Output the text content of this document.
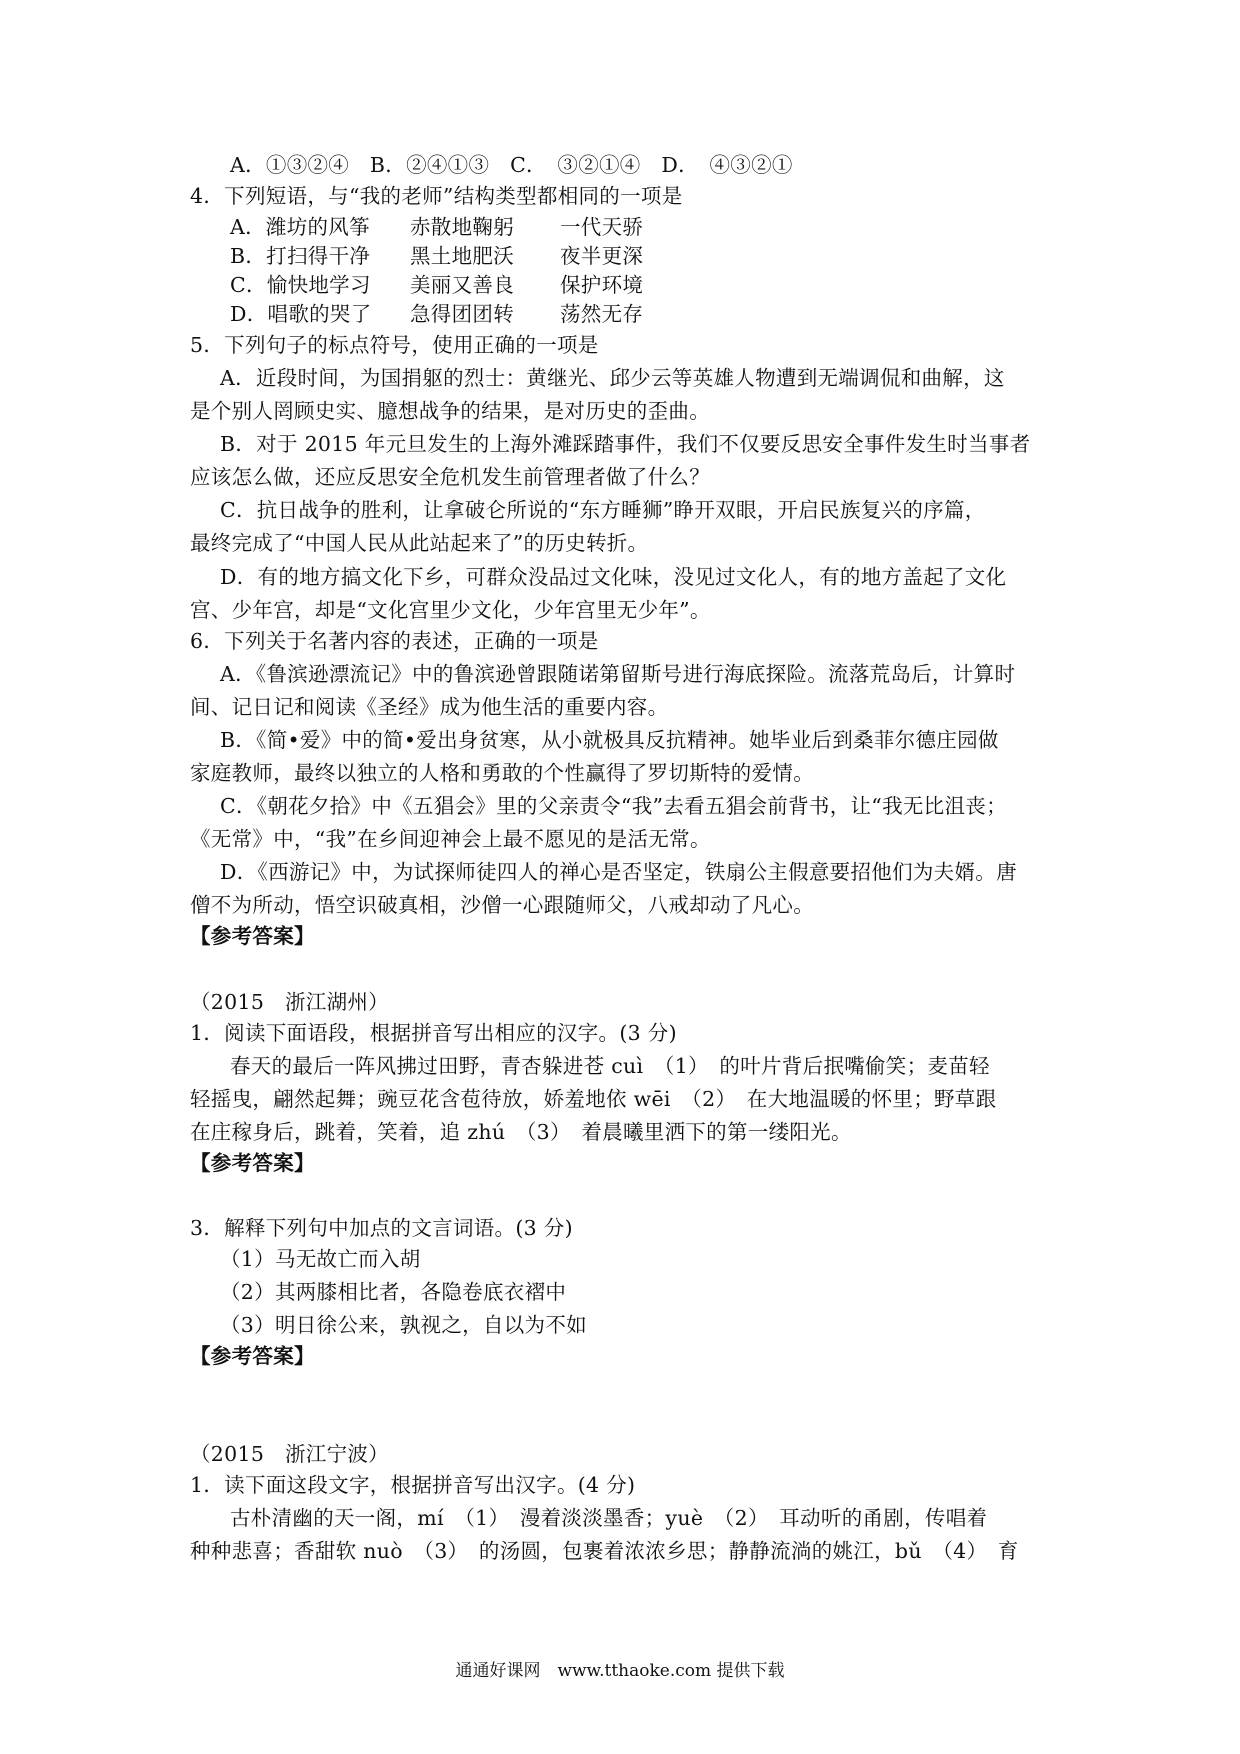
A．①③②④　B．②④①③　C．　③②①④　D．　④③②①
4．下列短语，与“我的老师”结构类型都相同的一项是
A．潍坊的风筝 赤散地鞠躬 一代天骄
B．打扫得干净 黑土地肥沃 夜半更深
C．愉快地学习 美丽又善良 保护环境
D．唱歌的哭了 急得团团转 荡然无存
5．下列句子的标点符号，使用正确的一项是
A．近段时间，为国捐躯的烈士：黄继光、邱少云等英雄人物遭到无端调侃和曲解，这
是个别人罔顾史实、臆想战争的结果，是对历史的歪曲。
B．对于 2015 年元旦发生的上海外滩踩踏事件，我们不仅要反思安全事件发生时当事者
应该怎么做，还应反思安全危机发生前管理者做了什么？
C．抗日战争的胜利，让拿破仑所说的“东方睡狮”睁开双眼，开启民族复兴的序篇，
最终完成了“中国人民从此站起来了”的历史转折。
D．有的地方搞文化下乡，可群众没品过文化味，没见过文化人，有的地方盖起了文化
宫、少年宫，却是“文化宫里少文化，少年宫里无少年”。
6．下列关于名著内容的表述，正确的一项是
A．《鲁滨逊漂流记》中的鲁滨逊曾跟随诺第留斯号进行海底探险。流落荒岛后，计算时
间、记日记和阅读《圣经》成为他生活的重要内容。
B．《简•爱》中的简•爱出身贫寒，从小就极具反抗精神。她毕业后到桑菲尔德庄园做
家庭教师，最终以独立的人格和勇敢的个性赢得了罗切斯特的爱情。
C．《朝花夕拾》中《五猖会》里的父亲责令“我”去看五猖会前背书，让“我无比沮丧；
《无常》中，“我”在乡间迎神会上最不愿见的是活无常。
D．《西游记》中，为试探师徒四人的禅心是否坚定，铁扇公主假意要招他们为夫婿。唐
僧不为所动，悟空识破真相，沙僧一心跟随师父，八戒却动了凡心。
【参考答案】
（2015　浙江湖州）
1．阅读下面语段，根据拼音写出相应的汉字。(3 分)
春天的最后一阵风拂过田野，青杏躲进苍 cuì　（1）　的叶片背后抿嘴偷笑；麦苗轻
轻摇曳，翩然起舞；豌豆花含苞待放，娇羞地依 wēi　（2）　在大地温暖的怀里；野草跟
在庄稼身后，跳着，笑着，追 zhú　（3）　着晨曦里洒下的第一缕阳光。
【参考答案】
3．解释下列句中加点的文言词语。(3 分)
（1）马无故亡而入胡
（2）其两膝相比者，各隐卷底衣褶中
（3）明日徐公来，孰视之，自以为不如
【参考答案】
（2015　浙江宁波）
1．读下面这段文字，根据拼音写出汉字。(4 分)
古朴清幽的天一阁，mí　（1）　漫着淡淡墨香；yuè　（2）　耳动听的甬剧，传唱着
种种悲喜；香甜软 nuò　（3）　的汤圆，包裹着浓浓乡思；静静流淌的姚江，bǔ　（4）　育
通通好课网　www.tthaoke.com 提供下载
